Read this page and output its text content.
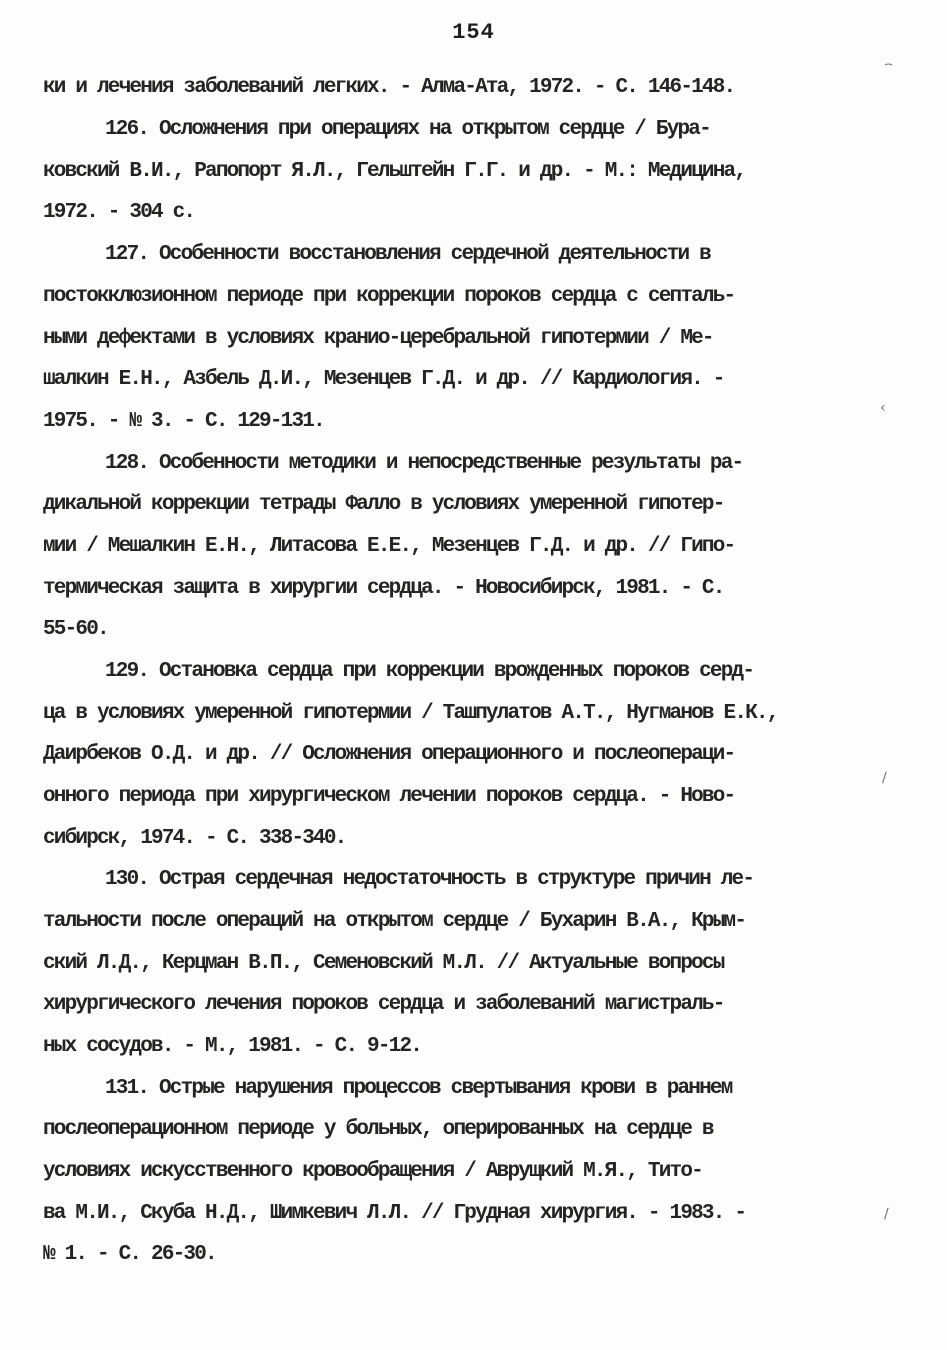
154
ки и лечения заболеваний легких. - Алма-Ата, 1972. - С. 146-148.
126. Осложнения при операциях на открытом сердце / Бура-
ковский В.И., Рапопорт Я.Л., Гельштейн Г.Г. и др. - М.: Медицина,
1972. - 304 с.
127. Особенности восстановления сердечной деятельности в
постокклюзионном периоде при коррекции пороков сердца с септаль-
ными дефектами в условиях кранио-церебральной гипотермии / Ме-
шалкин Е.Н., Азбель Д.И., Мезенцев Г.Д. и др. // Кардиология. -
1975. - № 3. - С. 129-131.
128. Особенности методики и непосредственные результаты ра-
дикальной коррекции тетрады Фалло в условиях умеренной гипотер-
мии / Мешалкин Е.Н., Литасова Е.Е., Мезенцев Г.Д. и др. // Гипо-
термическая защита в хирургии сердца. - Новосибирск, 1981. - С.
55-60.
129. Остановка сердца при коррекции врожденных пороков серд-
ца в условиях умеренной гипотермии / Ташпулатов А.Т., Нугманов Е.К.,
Даирбеков О.Д. и др. // Осложнения операционного и послеопераци-
онного периода при хирургическом лечении пороков сердца. - Ново-
сибирск, 1974. - С. 338-340.
130. Острая сердечная недостаточность в структуре причин ле-
тальности после операций на открытом сердце / Бухарин В.А., Крым-
ский Л.Д., Керцман В.П., Семеновский М.Л. // Актуальные вопросы
хирургического лечения пороков сердца и заболеваний магистраль-
ных сосудов. - М., 1981. - С. 9-12.
131. Острые нарушения процессов свертывания крови в раннем
послеоперационном периоде у больных, оперированных на сердце в
условиях искусственного кровообращения / Аврущкий М.Я., Тито-
ва М.И., Скуба Н.Д., Шимкевич Л.Л. // Грудная хирургия. - 1983. -
№ 1. - С. 26-30.
⌢
‹
∕
∕
